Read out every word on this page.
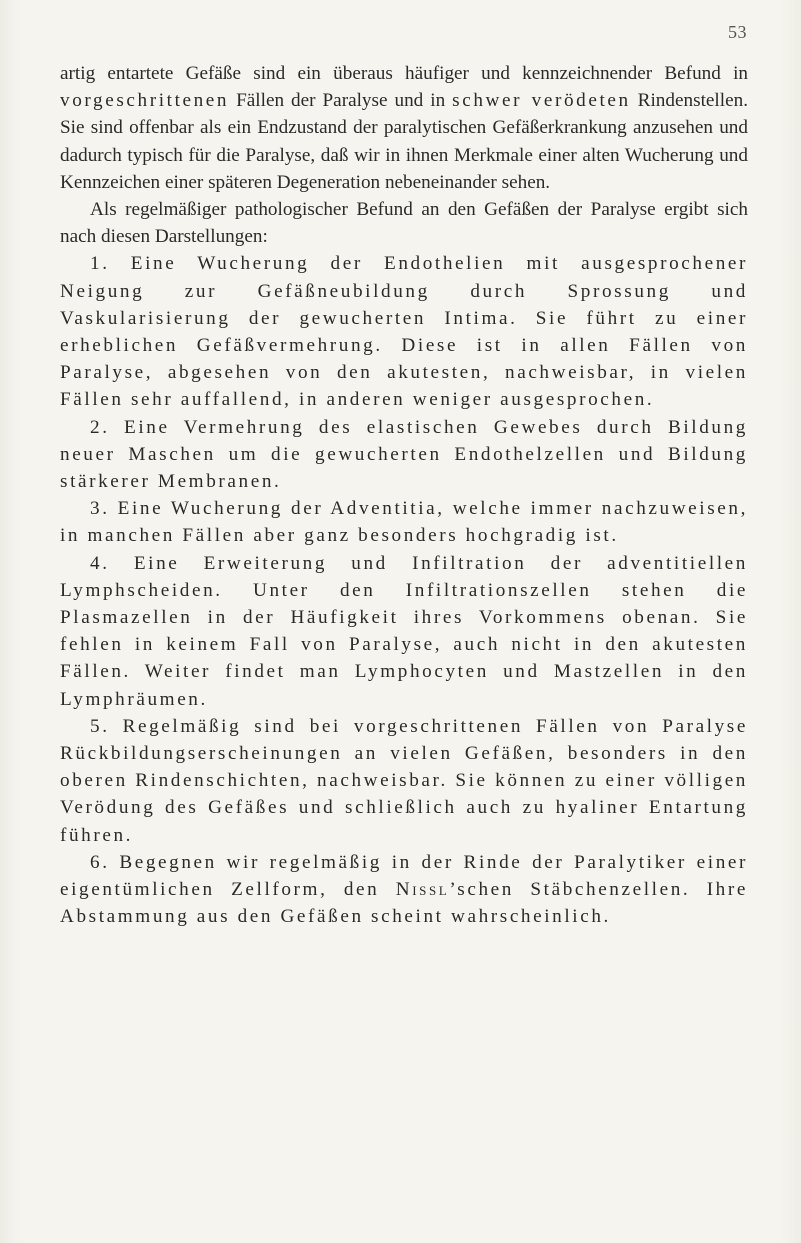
53

artig entartete Gefäße sind ein überaus häufiger und kennzeichnender Befund in vorgeschrittenen Fällen der Paralyse und in schwer verödeten Rindenstellen. Sie sind offenbar als ein Endzustand der paralytischen Gefäßerkrankung anzusehen und dadurch typisch für die Paralyse, daß wir in ihnen Merkmale einer alten Wucherung und Kennzeichen einer späteren Degeneration nebeneinander sehen.

Als regelmäßiger pathologischer Befund an den Gefäßen der Paralyse ergibt sich nach diesen Darstellungen:

1. Eine Wucherung der Endothelien mit ausgesprochener Neigung zur Gefäßneubildung durch Sprossung und Vaskularisierung der gewucherten Intima. Sie führt zu einer erheblichen Gefäßvermehrung. Diese ist in allen Fällen von Paralyse, abgesehen von den akutesten, nachweisbar, in vielen Fällen sehr auffallend, in anderen weniger ausgesprochen.

2. Eine Vermehrung des elastischen Gewebes durch Bildung neuer Maschen um die gewucherten Endothelzellen und Bildung stärkerer Membranen.

3. Eine Wucherung der Adventitia, welche immer nachzuweisen, in manchen Fällen aber ganz besonders hochgradig ist.

4. Eine Erweiterung und Infiltration der adventitiellen Lymphscheiden. Unter den Infiltrationszellen stehen die Plasmazellen in der Häufigkeit ihres Vorkommens obenan. Sie fehlen in keinem Fall von Paralyse, auch nicht in den akutesten Fällen. Weiter findet man Lymphocyten und Mastzellen in den Lymphräumen.

5. Regelmäßig sind bei vorgeschrittenen Fällen von Paralyse Rückbildungserscheinungen an vielen Gefäßen, besonders in den oberen Rindenschichten, nachweisbar. Sie können zu einer völligen Verödung des Gefäßes und schließlich auch zu hyaliner Entartung führen.

6. Begegnen wir regelmäßig in der Rinde der Paralytiker einer eigentümlichen Zellform, den Nissl’schen Stäbchenzellen. Ihre Abstammung aus den Gefäßen scheint wahrscheinlich.
